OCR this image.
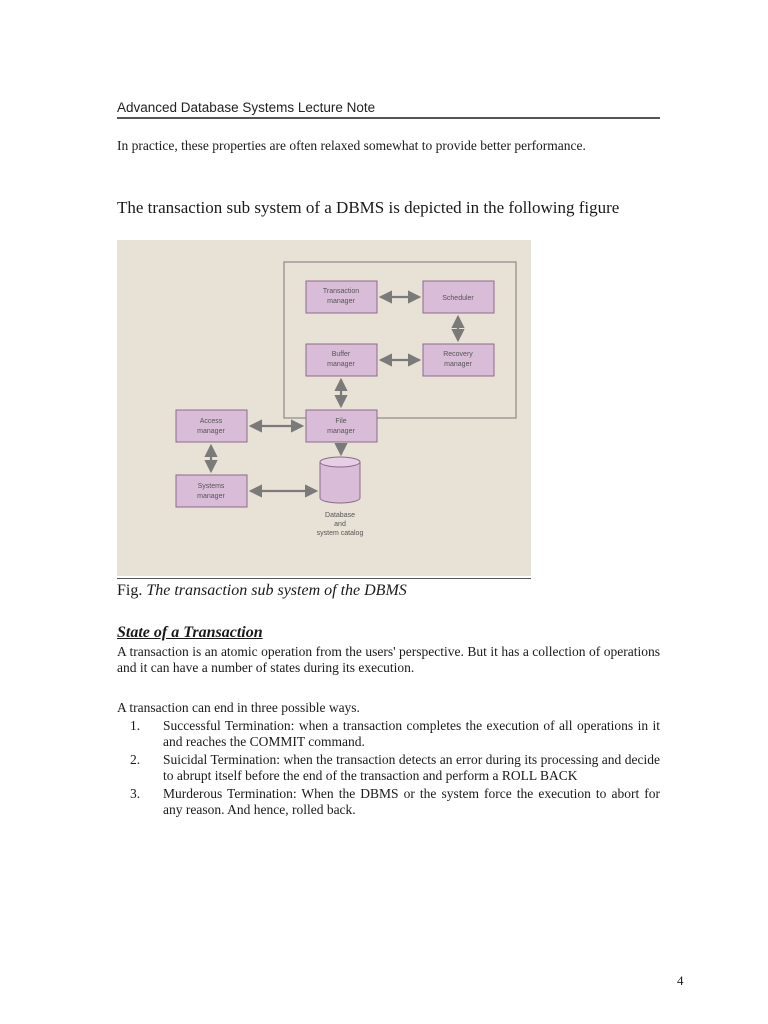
Advanced Database Systems Lecture Note

In practice, these properties are often relaxed somewhat to provide better performance.

The transaction sub system of a DBMS is depicted in the following figure
Transaction
manager	Scheduler
Buffer
manager
Recovery
manager
Access
manager
File
manager
Systems
manager
Database
and
system catalog
Fig. The transaction sub system of the DBMS
State of a Transaction

A transaction is an atomic operation from the users' perspective. But it has a collection of operations and it can have a number of states during its execution.

A transaction can end in three possible ways.

1.	Successful Termination: when a transaction completes the execution of all operations in it and reaches the COMMIT command.
2.	Suicidal Termination: when the transaction detects an error during its processing and decide to abrupt itself before the end of the transaction and perform a ROLL BACK
3.	Murderous Termination: When the DBMS or the system force the execution to abort for any reason. And hence, rolled back.
4
